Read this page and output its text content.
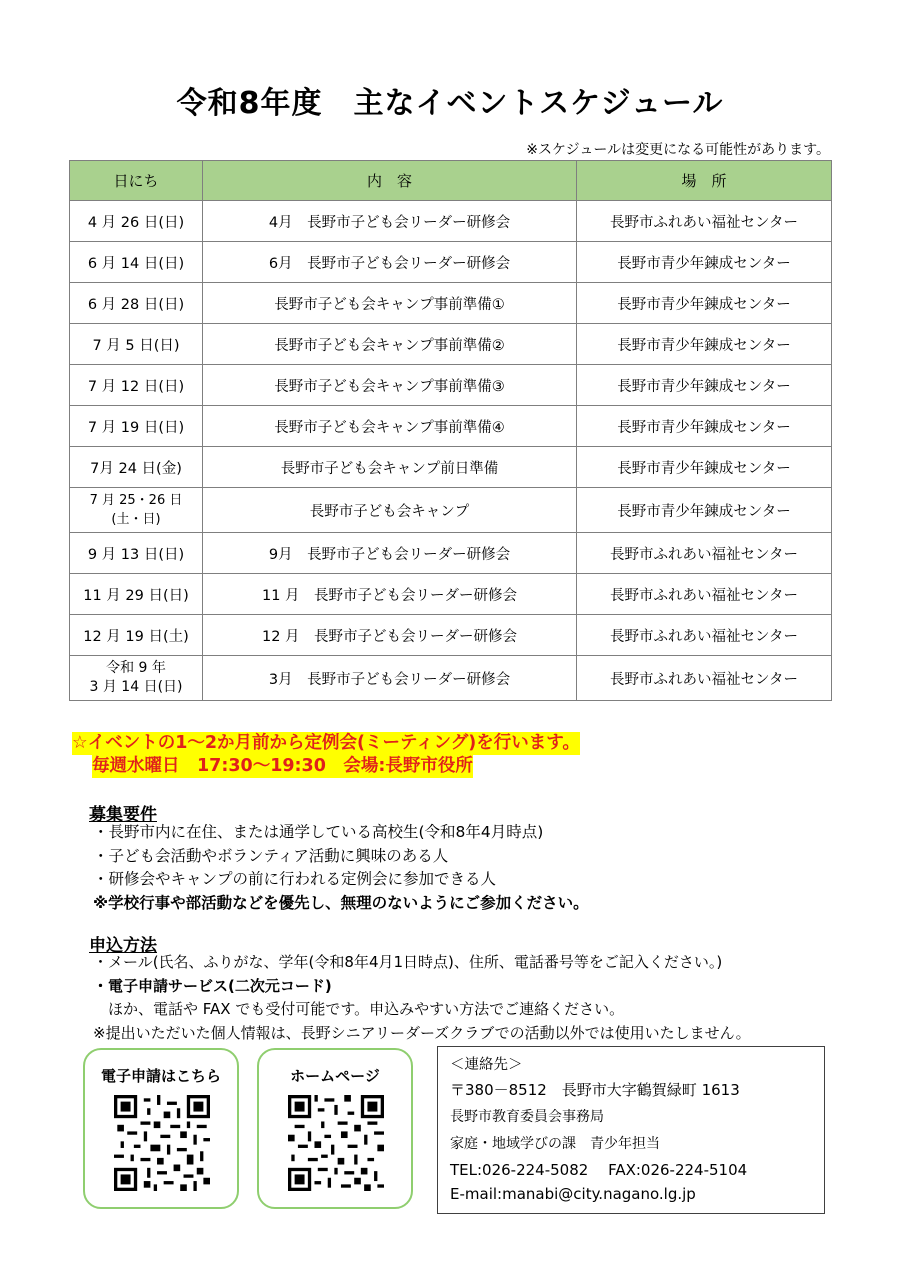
令和8年度　主なイベントスケジュール
※スケジュールは変更になる可能性があります。
日にち	内　容	場　所
4 月 26 日(日)	4月　長野市子ども会リーダー研修会	長野市ふれあい福祉センター
6 月 14 日(日)	6月　長野市子ども会リーダー研修会	長野市青少年錬成センター
6 月 28 日(日)	長野市子ども会キャンプ事前準備①	長野市青少年錬成センター
7 月 5 日(日)	長野市子ども会キャンプ事前準備②	長野市青少年錬成センター
7 月 12 日(日)	長野市子ども会キャンプ事前準備③	長野市青少年錬成センター
7 月 19 日(日)	長野市子ども会キャンプ事前準備④	長野市青少年錬成センター
7月 24 日(金)	長野市子ども会キャンプ前日準備	長野市青少年錬成センター

7 月 25・26 日
(土・日)	長野市子ども会キャンプ	長野市青少年錬成センター
9 月 13 日(日)	9月　長野市子ども会リーダー研修会	長野市ふれあい福祉センター
11 月 29 日(日)	11 月　長野市子ども会リーダー研修会	長野市ふれあい福祉センター
12 月 19 日(土)	12 月　長野市子ども会リーダー研修会	長野市ふれあい福祉センター

令和 9 年
3 月 14 日(日)	3月　長野市子ども会リーダー研修会	長野市ふれあい福祉センター
☆イベントの1～2か月前から定例会(ミーティング)を行います。
毎週水曜日　17:30～19:30　会場:長野市役所
募集要件
・長野市内に在住、または通学している高校生(令和8年4月時点)
・子ども会活動やボランティア活動に興味のある人
・研修会やキャンプの前に行われる定例会に参加できる人
※学校行事や部活動などを優先し、無理のないようにご参加ください。
申込方法
・メール(氏名、ふりがな、学年(令和8年4月1日時点)、住所、電話番号等をご記入ください。)
・電子申請サービス(二次元コード)
　ほか、電話や FAX でも受付可能です。申込みやすい方法でご連絡ください。
※提出いただいた個人情報は、長野シニアリーダーズクラブでの活動以外では使用いたしません。
電子申請はこちら	ホームページ
＜連絡先＞
〒380－8512　長野市大字鶴賀緑町 1613
長野市教育委員会事務局
家庭・地域学びの課　青少年担当
TEL:026-224-5082　 FAX:026-224-5104
E-mail:manabi@city.nagano.lg.jp
